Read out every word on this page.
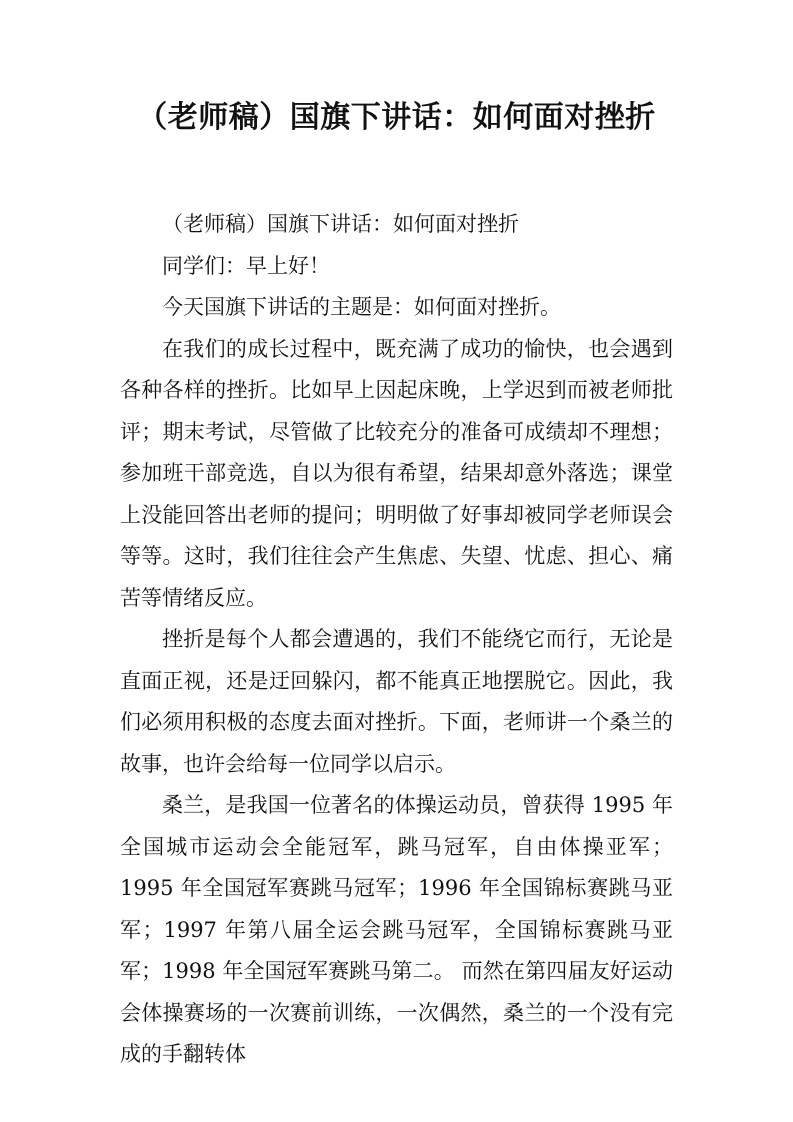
（老师稿）国旗下讲话：如何面对挫折

（老师稿）国旗下讲话：如何面对挫折

同学们：早上好！

今天国旗下讲话的主题是：如何面对挫折。

在我们的成长过程中，既充满了成功的愉快，也会遇到各种各样的挫折。比如早上因起床晚，上学迟到而被老师批评；期末考试，尽管做了比较充分的准备可成绩却不理想；参加班干部竞选，自以为很有希望，结果却意外落选；课堂上没能回答出老师的提问；明明做了好事却被同学老师误会等等。这时，我们往往会产生焦虑、失望、忧虑、担心、痛苦等情绪反应。

挫折是每个人都会遭遇的，我们不能绕它而行，无论是直面正视，还是迂回躲闪，都不能真正地摆脱它。因此，我们必须用积极的态度去面对挫折。下面，老师讲一个桑兰的故事，也许会给每一位同学以启示。

桑兰，是我国一位著名的体操运动员，曾获得 1995 年全国城市运动会全能冠军，跳马冠军，自由体操亚军；1995 年全国冠军赛跳马冠军；1996 年全国锦标赛跳马亚军；1997 年第八届全运会跳马冠军，全国锦标赛跳马亚军；1998 年全国冠军赛跳马第二。 而然在第四届友好运动会体操赛场的一次赛前训练，一次偶然，桑兰的一个没有完成的手翻转体
